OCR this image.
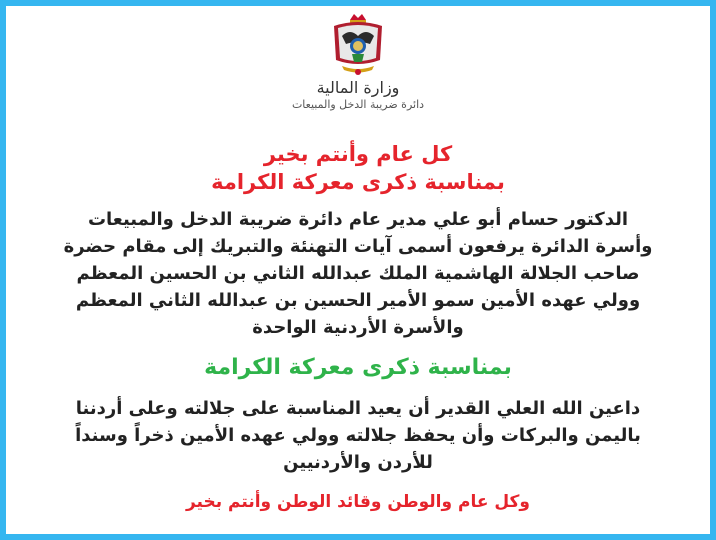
وزارة المالية
دائرة ضريبة الدخل والمبيعات

كل عام وأنتم بخير

بمناسبة ذكرى معركة الكرامة

الدكتور حسام أبو علي مدير عام دائرة ضريبة الدخل والمبيعات
وأسرة الدائرة يرفعون أسمى آيات التهنئة والتبريك إلى مقام حضرة
صاحب الجلالة الهاشمية الملك عبدالله الثاني بن الحسين المعظم
وولي عهده الأمين سمو الأمير الحسين بن عبدالله الثاني المعظم
والأسرة الأردنية الواحدة

بمناسبة ذكرى معركة الكرامة

داعين الله العلي القدير أن يعيد المناسبة على جلالته وعلى أردننا
باليمن والبركات وأن يحفظ جلالته وولي عهده الأمين ذخراً وسنداً
للأردن والأردنيين

وكل عام والوطن وقائد الوطن وأنتم بخير
